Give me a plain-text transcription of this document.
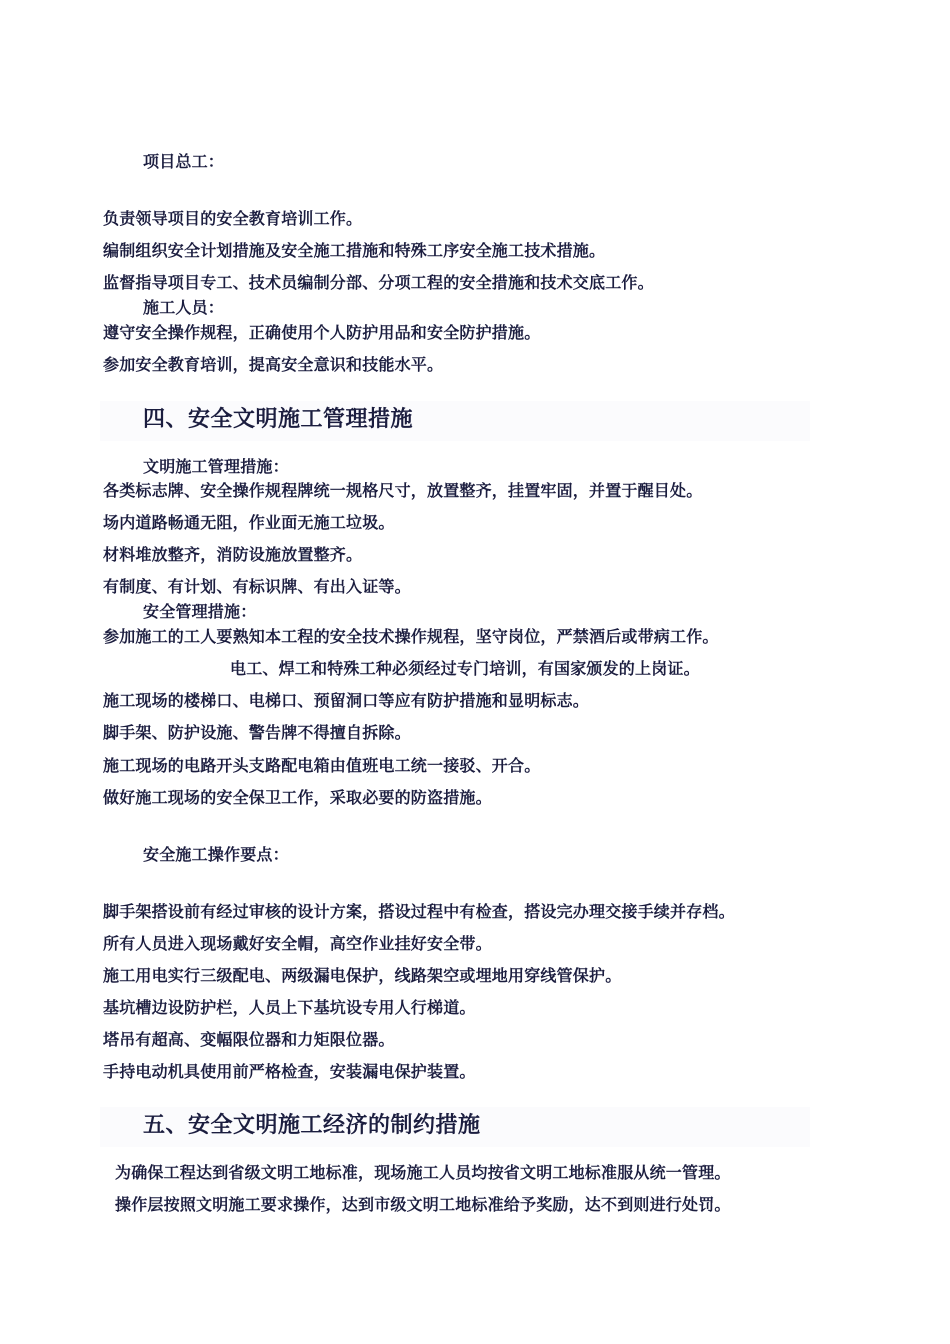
项目总工：
负责领导项目的安全教育培训工作。
编制组织安全计划措施及安全施工措施和特殊工序安全施工技术措施。
监督指导项目专工、技术员编制分部、分项工程的安全措施和技术交底工作。
施工人员：
遵守安全操作规程，正确使用个人防护用品和安全防护措施。
参加安全教育培训，提高安全意识和技能水平。
四、安全文明施工管理措施
文明施工管理措施：
各类标志牌、安全操作规程牌统一规格尺寸，放置整齐，挂置牢固，并置于醒目处。
场内道路畅通无阻，作业面无施工垃圾。
材料堆放整齐，消防设施放置整齐。
有制度、有计划、有标识牌、有出入证等。
安全管理措施：
参加施工的工人要熟知本工程的安全技术操作规程，坚守岗位，严禁酒后或带病工作。
电工、焊工和特殊工种必须经过专门培训，有国家颁发的上岗证。
施工现场的楼梯口、电梯口、预留洞口等应有防护措施和显明标志。
脚手架、防护设施、警告牌不得擅自拆除。
施工现场的电路开头支路配电箱由值班电工统一接驳、开合。
做好施工现场的安全保卫工作，采取必要的防盗措施。
安全施工操作要点：
脚手架搭设前有经过审核的设计方案，搭设过程中有检查，搭设完办理交接手续并存档。
所有人员进入现场戴好安全帽，高空作业挂好安全带。
施工用电实行三级配电、两级漏电保护，线路架空或埋地用穿线管保护。
基坑槽边设防护栏，人员上下基坑设专用人行梯道。
塔吊有超高、变幅限位器和力矩限位器。
手持电动机具使用前严格检查，安装漏电保护装置。
五、安全文明施工经济的制约措施
为确保工程达到省级文明工地标准，现场施工人员均按省文明工地标准服从统一管理。
操作层按照文明施工要求操作，达到市级文明工地标准给予奖励，达不到则进行处罚。
